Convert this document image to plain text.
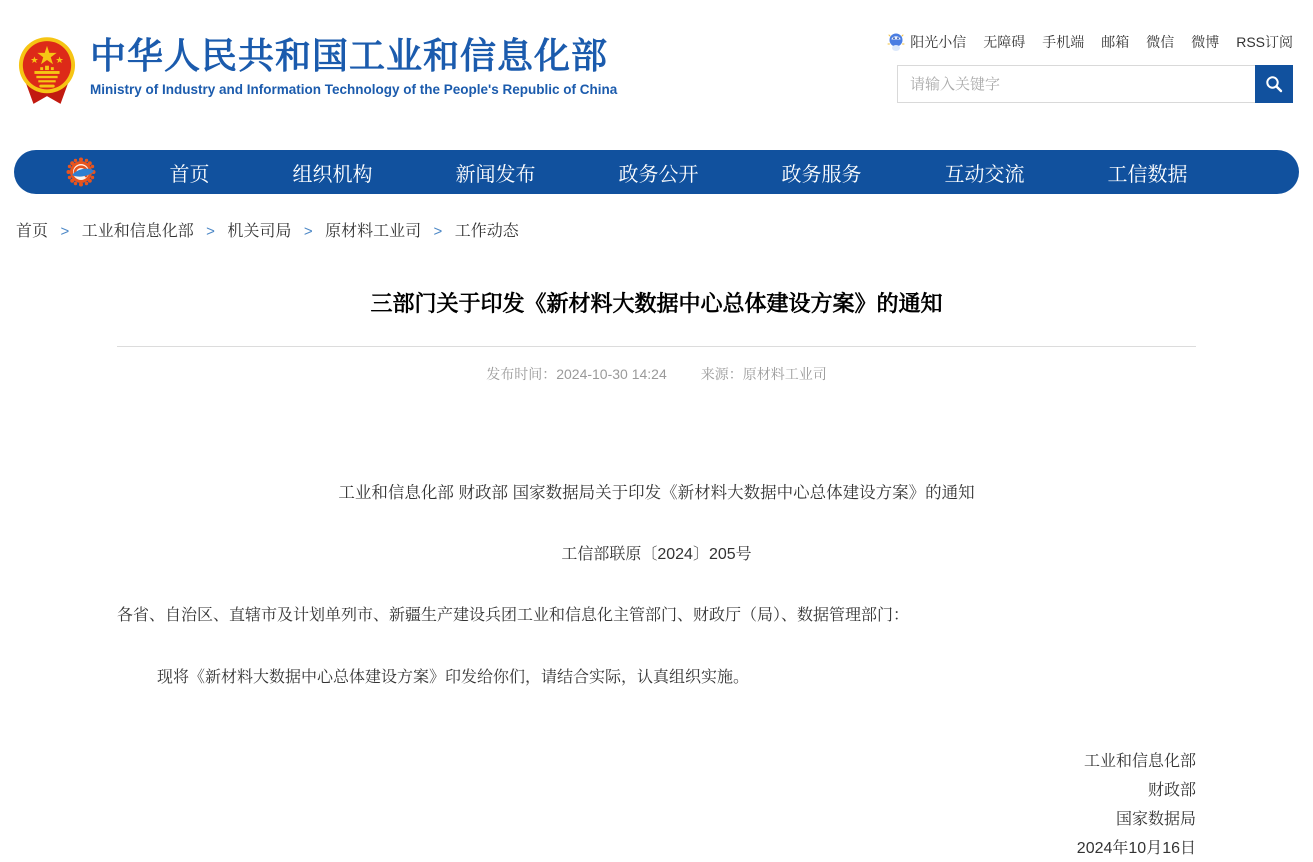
中华人民共和国工业和信息化部
Ministry of Industry and Information Technology of the People's Republic of China
阳光小信 无障碍 手机端 邮箱 微信 微博 RSS订阅
请输入关键字
首页	组织机构	新闻发布	政务公开	政务服务	互动交流	工信数据
首页 > 工业和信息化部 > 机关司局 > 原材料工业司 > 工作动态
三部门关于印发《新材料大数据中心总体建设方案》的通知
发布时间：2024-10-30 14:24 来源：原材料工业司

工业和信息化部 财政部 国家数据局关于印发《新材料大数据中心总体建设方案》的通知

工信部联原〔2024〕205号

各省、自治区、直辖市及计划单列市、新疆生产建设兵团工业和信息化主管部门、财政厅（局）、数据管理部门：

现将《新材料大数据中心总体建设方案》印发给你们，请结合实际，认真组织实施。

工业和信息化部
财政部
国家数据局
2024年10月16日
